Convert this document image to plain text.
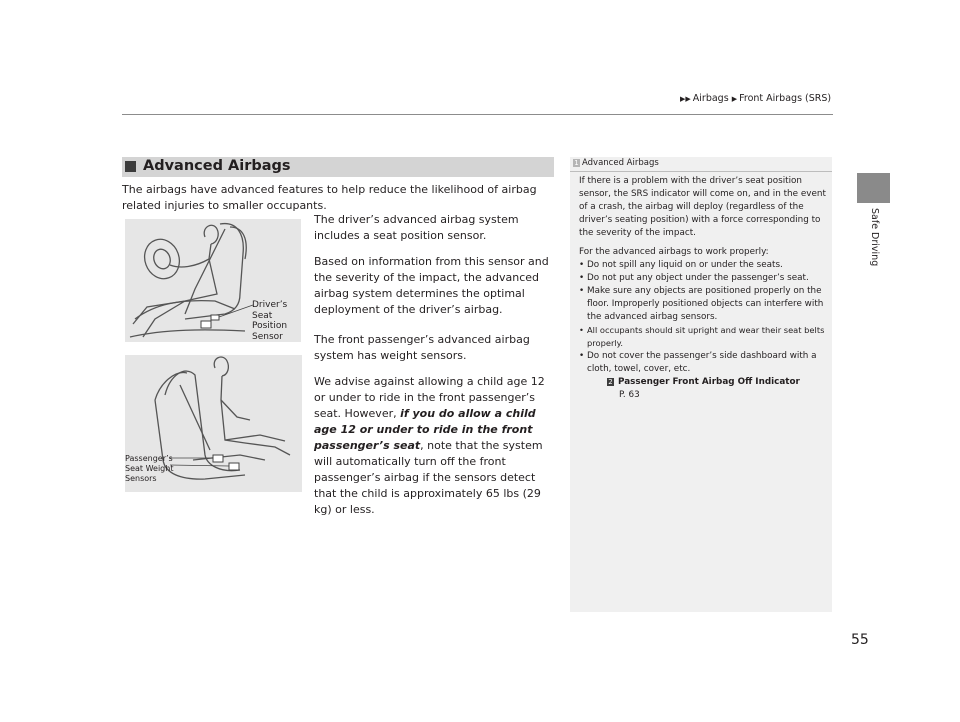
▶▶ Airbags ▶ Front Airbags (SRS)
Safe Driving
Advanced Airbags
The airbags have advanced features to help reduce the likelihood of airbag related injuries to smaller occupants.
Driver’s
Seat
Position
Sensor
Passenger’s
Seat Weight
Sensors

The driver’s advanced airbag system includes a seat position sensor.

Based on information from this sensor and the severity of the impact, the advanced airbag system determines the optimal deployment of the driver’s airbag.

The front passenger’s advanced airbag system has weight sensors.

We advise against allowing a child age 12 or under to ride in the front passenger’s seat. However, if you do allow a child age 12 or under to ride in the front passenger’s seat, note that the system will automatically turn off the front passenger’s airbag if the sensors detect that the child is approximately 65 lbs (29 kg) or less.

1 Advanced Airbags

If there is a problem with the driver’s seat position sensor, the SRS indicator will come on, and in the event of a crash, the airbag will deploy (regardless of the driver’s seating position) with a force corresponding to the severity of the impact.

For the advanced airbags to work properly:
• Do not spill any liquid on or under the seats.
• Do not put any object under the passenger’s seat.
• Make sure any objects are positioned properly on the floor. Improperly positioned objects can interfere with the advanced airbag sensors.
• All occupants should sit upright and wear their seat belts properly.
• Do not cover the passenger’s side dashboard with a cloth, towel, cover, etc.
2 Passenger Front Airbag Off Indicator
P. 63
55
